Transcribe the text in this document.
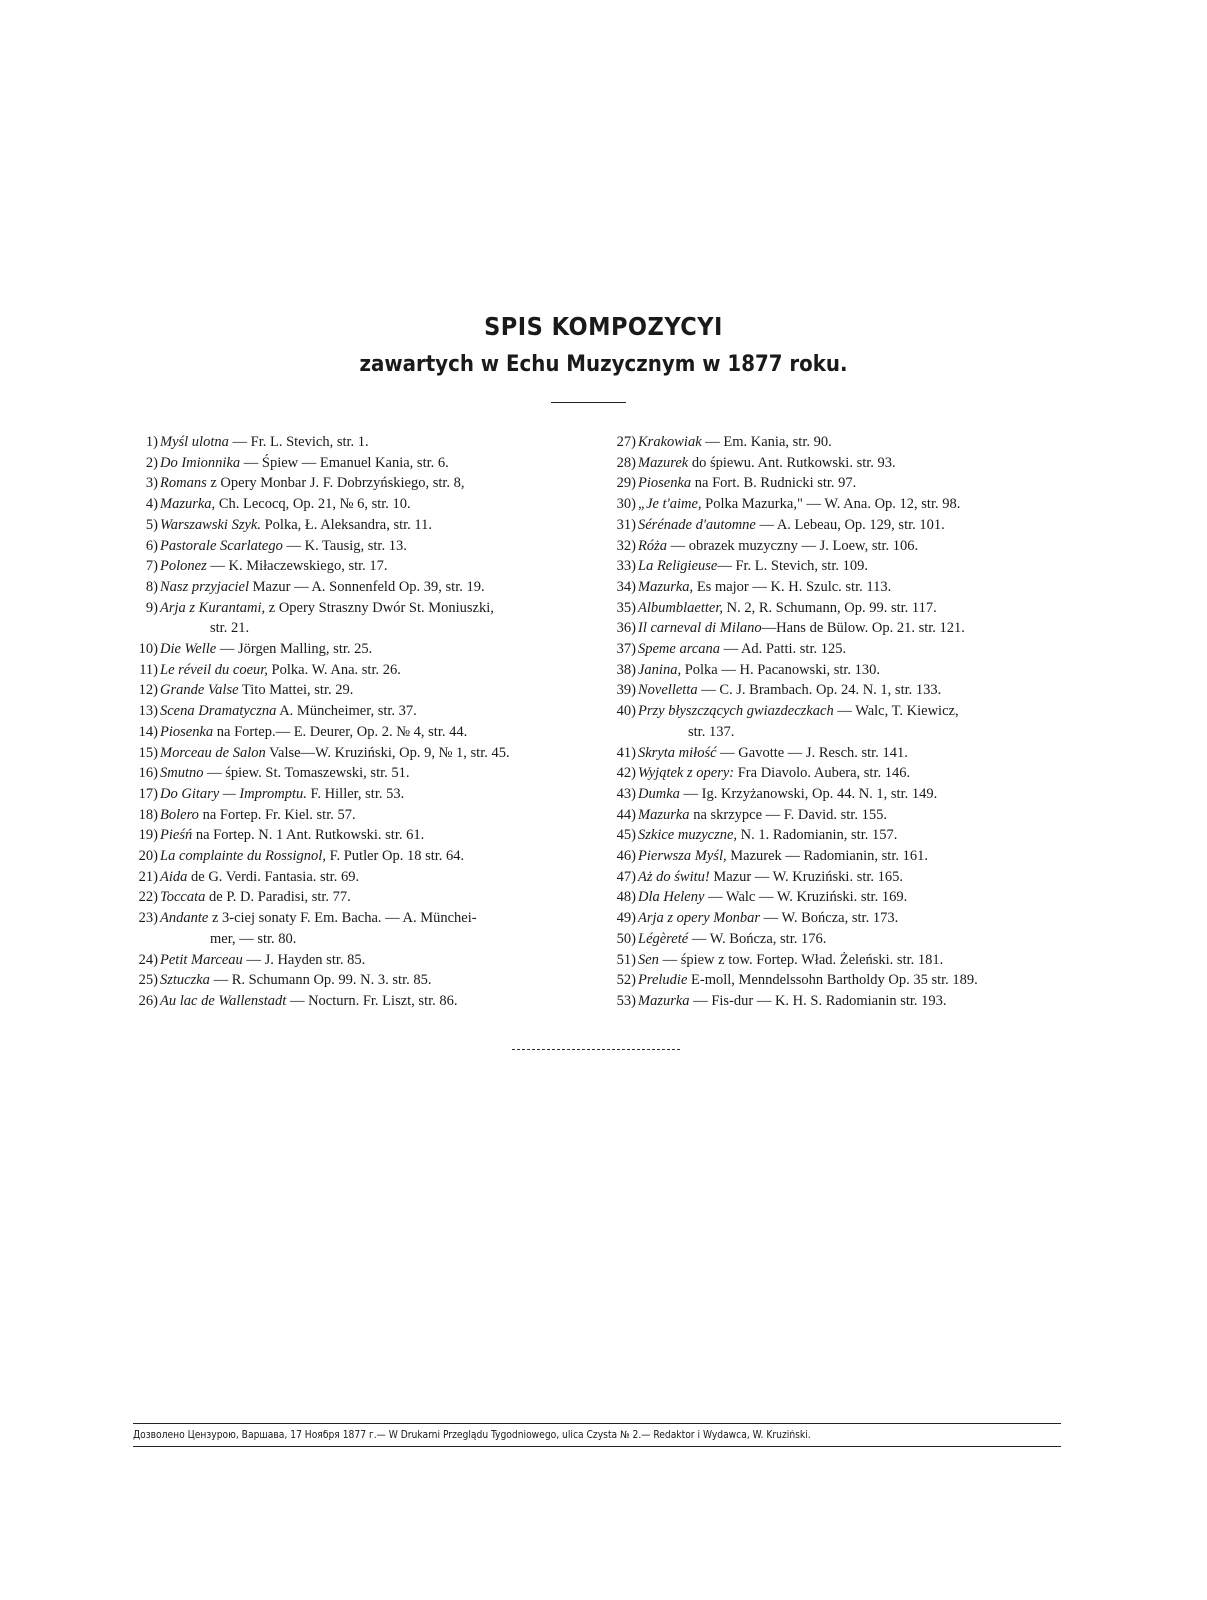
SPIS KOMPOZYCYI
zawartych w Echu Muzycznym w 1877 roku.
1) Myśl ulotna — Fr. L. Stevich, str. 1.
2) Do Imionnika — Śpiew — Emanuel Kania, str. 6.
3) Romans z Opery Monbar J. F. Dobrzyńskiego, str. 8,
4) Mazurka, Ch. Lecocq, Op. 21, № 6, str. 10.
5) Warszawski Szyk. Polka, Ł. Aleksandra, str. 11.
6) Pastorale Scarlatego — K. Tausig, str. 13.
7) Polonez — K. Miłaczewskiego, str. 17.
8) Nasz przyjaciel Mazur — A. Sonnenfeld Op. 39, str. 19.
9) Arja z Kurantami, z Opery Straszny Dwór St. Moniuszki,
str. 21.
10) Die Welle — Jörgen Malling, str. 25.
11) Le réveil du coeur, Polka. W. Ana. str. 26.
12) Grande Valse Tito Mattei, str. 29.
13) Scena Dramatyczna A. Müncheimer, str. 37.
14) Piosenka na Fortep.— E. Deurer, Op. 2. № 4, str. 44.
15) Morceau de Salon Valse—W. Kruziński, Op. 9, № 1, str. 45.
16) Smutno — śpiew. St. Tomaszewski, str. 51.
17) Do Gitary — Impromptu. F. Hiller, str. 53.
18) Bolero na Fortep. Fr. Kiel. str. 57.
19) Pieśń na Fortep. N. 1 Ant. Rutkowski. str. 61.
20) La complainte du Rossignol, F. Putler Op. 18 str. 64.
21) Aida de G. Verdi. Fantasia. str. 69.
22) Toccata de P. D. Paradisi, str. 77.
23) Andante z 3-ciej sonaty F. Em. Bacha. — A. Münchei-
mer, — str. 80.
24) Petit Marceau — J. Hayden str. 85.
25) Sztuczka — R. Schumann Op. 99. N. 3. str. 85.
26) Au lac de Wallenstadt — Nocturn. Fr. Liszt, str. 86.
27) Krakowiak — Em. Kania, str. 90.
28) Mazurek do śpiewu. Ant. Rutkowski. str. 93.
29) Piosenka na Fort. B. Rudnicki str. 97.
30) „Je t'aime, Polka Mazurka," — W. Ana. Op. 12, str. 98.
31) Sérénade d'automne — A. Lebeau, Op. 129, str. 101.
32) Róża — obrazek muzyczny — J. Loew, str. 106.
33) La Religieuse— Fr. L. Stevich, str. 109.
34) Mazurka, Es major — K. H. Szulc. str. 113.
35) Albumblaetter, N. 2, R. Schumann, Op. 99. str. 117.
36) Il carneval di Milano—Hans de Bülow. Op. 21. str. 121.
37) Speme arcana — Ad. Patti. str. 125.
38) Janina, Polka — H. Pacanowski, str. 130.
39) Novelletta — C. J. Brambach. Op. 24. N. 1, str. 133.
40) Przy błyszczących gwiazdeczkach — Walc, T. Kiewicz,
str. 137.
41) Skryta miłość — Gavotte — J. Resch. str. 141.
42) Wyjątek z opery: Fra Diavolo. Aubera, str. 146.
43) Dumka — Ig. Krzyżanowski, Op. 44. N. 1, str. 149.
44) Mazurka na skrzypce — F. David. str. 155.
45) Szkice muzyczne, N. 1. Radomianin, str. 157.
46) Pierwsza Myśl, Mazurek — Radomianin, str. 161.
47) Aż do świtu! Mazur — W. Kruziński. str. 165.
48) Dla Heleny — Walc — W. Kruziński. str. 169.
49) Arja z opery Monbar — W. Bończa, str. 173.
50) Légèreté — W. Bończa, str. 176.
51) Sen — śpiew z tow. Fortep. Wład. Żeleński. str. 181.
52) Preludie E-moll, Menndelssohn Bartholdy Op. 35 str. 189.
53) Mazurka — Fis-dur — K. H. S. Radomianin str. 193.
Дозволено Цензурою, Варшава, 17 Ноября 1877 г.— W Drukarni Przeglądu Tygodniowego, ulica Czysta № 2.— Redaktor i Wydawca, W. Kruziński.
